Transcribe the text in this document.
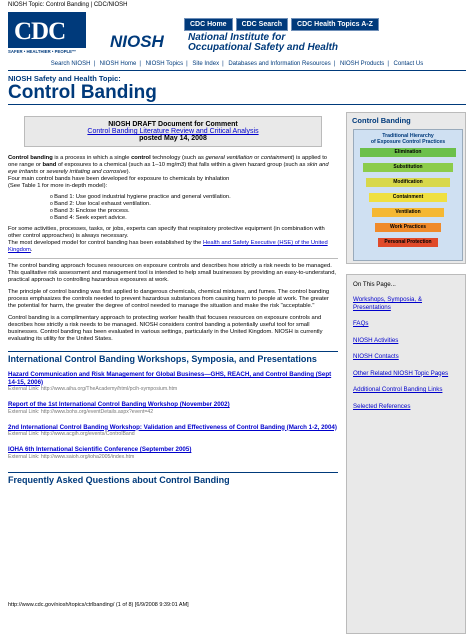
NIOSH Topic: Control Banding | CDC/NIOSH
CDC
SAFER • HEALTHIER • PEOPLE™
CDC Home	CDC Search	CDC Health Topics A-Z
NIOSH National Institute for
Occupational Safety and Health
Search NIOSH | NIOSH Home | NIOSH Topics | Site Index | Databases and Information Resources | NIOSH Products | Contact Us
NIOSH Safety and Health Topic:
Control Banding
NIOSH DRAFT Document for Comment
Control Banding Literature Review and Critical Analysis
posted May 14, 2008

Control banding is a process in which a single control technology (such as general ventilation or containment) is applied to one range or band of exposures to a chemical (such as 1–10 mg/m3) that falls within a given hazard group (such as skin and eye irritants or severely irritating and corrosive).

Four main control bands have been developed for exposure to chemicals by inhalation

(See Table 1 for more in-depth model):

o Band 1: Use good industrial hygiene practice and general ventilation.
o Band 2: Use local exhaust ventilation.
o Band 3: Enclose the process.
o Band 4: Seek expert advice.

For some activities, processes, tasks, or jobs, experts can specify that respiratory protective equipment (in combination with other control approaches) is always necessary.

The most developed model for control banding has been established by the Health and Safety Executive (HSE) of the United Kingdom.

The control banding approach focuses resources on exposure controls and describes how strictly a risk needs to be managed. This qualitative risk assessment and management tool is intended to help small businesses by providing an easy-to-understand, practical approach to controlling hazardous exposures at work.

The principle of control banding was first applied to dangerous chemicals, chemical mixtures, and fumes. The control banding process emphasizes the controls needed to prevent hazardous substances from causing harm to people at work. The greater the potential for harm, the greater the degree of control needed to manage the situation and make the risk "acceptable."

Control banding is a complimentary approach to protecting worker health that focuses resources on exposure controls and describes how strictly a risk needs to be managed. NIOSH considers control banding a potentially useful tool for small businesses. Control banding has been evaluated in various settings, particularly in the United Kingdom. NIOSH is currently evaluating its utility for the United States.

International Control Banding Workshops, Symposia, and Presentations
Hazard Communication and Risk Management for Global Business—GHS, REACH, and Control Banding (Sept 14-15, 2006)
External Link: http://www.aiha.org/TheAcademy/html/pcih-symposium.htm
Report of the 1st International Control Banding Workshop (November 2002)
External Link: http://www.bohs.org/eventDetails.aspx?event=42
2nd International Control Banding Workshop: Validation and Effectiveness of Control Banding (March 1-2, 2004)
External Link: http://www.acgih.org/events/ControlBand
IOHA 6th International Scientific Conference (September 2005)
External Link: http://www.saioh.org/ioha2005/index.htm
Frequently Asked Questions about Control Banding
Control Banding
Traditional Hierarchy
of Exposure Control Practices
Elimination
Substitution
Modification
Containment
Ventilation
Work Practices
Personal Protection
On This Page...
Workshops, Symposia, & Presentations
FAQs
NIOSH Activities
NIOSH Contacts
Other Related NIOSH Topic Pages
Additional Control Banding Links
Selected References
http://www.cdc.gov/niosh/topics/ctrlbanding/ (1 of 8) [6/9/2008 9:39:01 AM]
